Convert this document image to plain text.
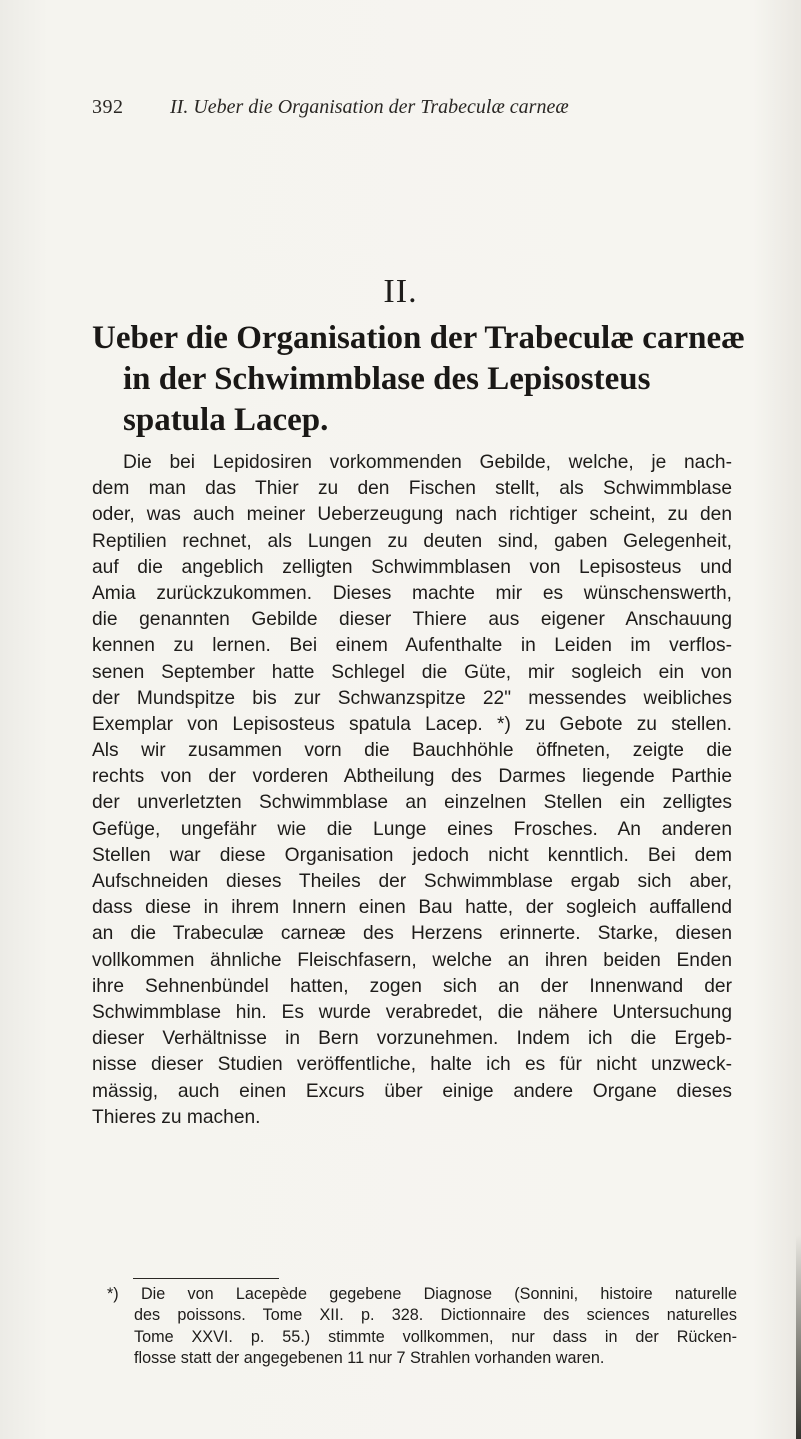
392 II. Ueber die Organisation der Trabeculæ carneæ
II.
Ueber die Organisation der Trabeculæ carneæ
in der Schwimmblase des Lepisosteus
spatula Lacep.
Die bei Lepidosiren vorkommenden Gebilde, welche, je nach-
dem man das Thier zu den Fischen stellt, als Schwimmblase
oder, was auch meiner Ueberzeugung nach richtiger scheint, zu den
Reptilien rechnet, als Lungen zu deuten sind, gaben Gelegenheit,
auf die angeblich zelligten Schwimmblasen von Lepisosteus und
Amia zurückzukommen. Dieses machte mir es wünschenswerth,
die genannten Gebilde dieser Thiere aus eigener Anschauung
kennen zu lernen. Bei einem Aufenthalte in Leiden im verflos-
senen September hatte Schlegel die Güte, mir sogleich ein von
der Mundspitze bis zur Schwanzspitze 22" messendes weibliches
Exemplar von Lepisosteus spatula Lacep. *) zu Gebote zu stellen.
Als wir zusammen vorn die Bauchhöhle öffneten, zeigte die
rechts von der vorderen Abtheilung des Darmes liegende Parthie
der unverletzten Schwimmblase an einzelnen Stellen ein zelligtes
Gefüge, ungefähr wie die Lunge eines Frosches. An anderen
Stellen war diese Organisation jedoch nicht kenntlich. Bei dem
Aufschneiden dieses Theiles der Schwimmblase ergab sich aber,
dass diese in ihrem Innern einen Bau hatte, der sogleich auffallend
an die Trabeculæ carneæ des Herzens erinnerte. Starke, diesen
vollkommen ähnliche Fleischfasern, welche an ihren beiden Enden
ihre Sehnenbündel hatten, zogen sich an der Innenwand der
Schwimmblase hin. Es wurde verabredet, die nähere Untersuchung
dieser Verhältnisse in Bern vorzunehmen. Indem ich die Ergeb-
nisse dieser Studien veröffentliche, halte ich es für nicht unzweck-
mässig, auch einen Excurs über einige andere Organe dieses
Thieres zu machen.
*) Die von Lacepède gegebene Diagnose (Sonnini, histoire naturelle
des poissons. Tome XII. p. 328. Dictionnaire des sciences naturelles
Tome XXVI. p. 55.) stimmte vollkommen, nur dass in der Rücken-
flosse statt der angegebenen 11 nur 7 Strahlen vorhanden waren.
